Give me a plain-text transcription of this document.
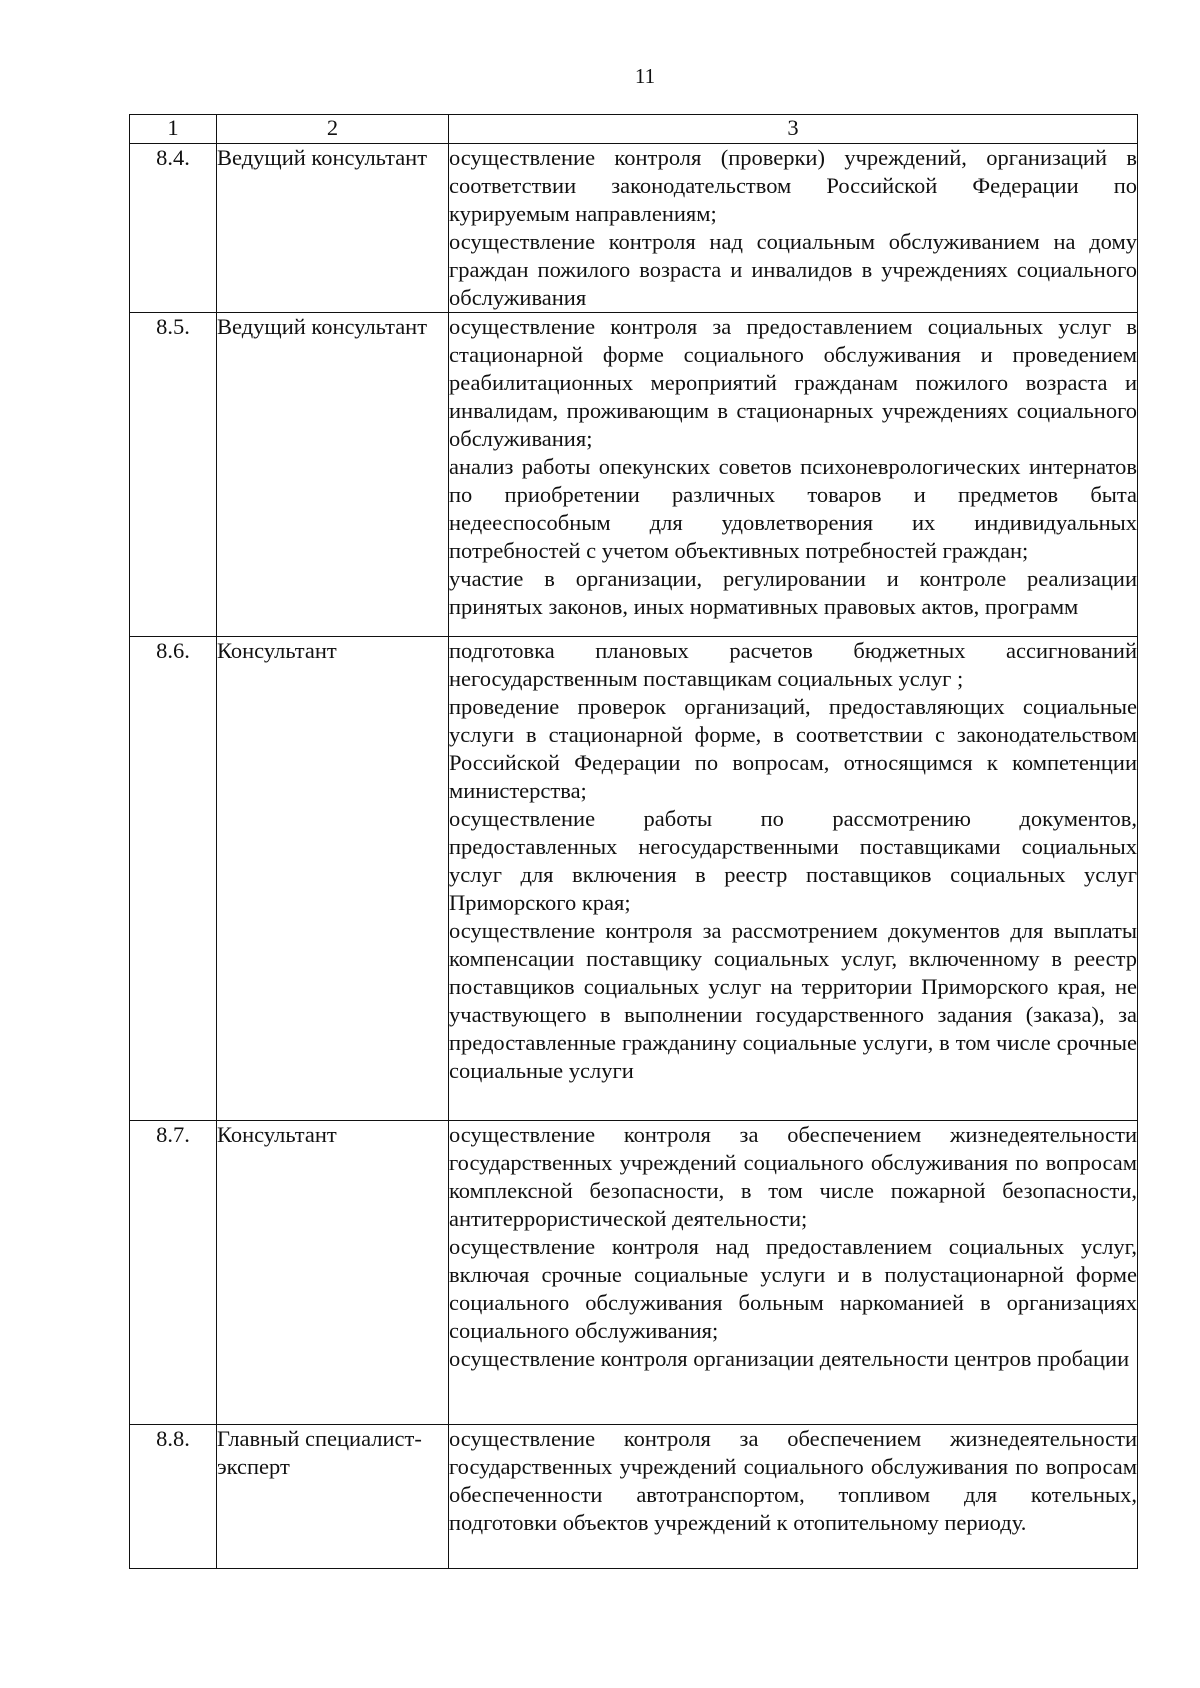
11
1	2	3
8.4.	Ведущий консультант	осуществление контроля (проверки) учреждений, организаций в соответствии законодательством Российской Федерации по курируемым направлениям;
осуществление контроля над социальным обслуживанием на дому граждан пожилого возраста и инвалидов в учреждениях социального обслуживания

8.5.	Ведущий консультант	осуществление контроля за предоставлением социальных услуг в стационарной форме социального обслуживания и проведением реабилитационных мероприятий гражданам пожилого возраста и инвалидам, проживающим в стационарных учреждениях социального обслуживания;
анализ работы опекунских советов психоневрологических интернатов по приобретении различных товаров и предметов быта недееспособным для удовлетворения их индивидуальных потребностей с учетом объективных потребностей граждан;
участие в организации, регулировании и контроле реализации принятых законов, иных нормативных правовых актов, программ

8.6.	Консультант	подготовка плановых расчетов бюджетных ассигнований негосударственным поставщикам социальных услуг ;
проведение проверок организаций, предоставляющих социальные услуги в стационарной форме, в соответствии с законодательством Российской Федерации по вопросам, относящимся к компетенции министерства;
осуществление работы по рассмотрению документов, предоставленных негосударственными поставщиками социальных услуг для включения в реестр поставщиков социальных услуг Приморского края;
осуществление контроля за рассмотрением документов для выплаты компенсации поставщику социальных услуг, включенному в реестр поставщиков социальных услуг на территории Приморского края, не участвующего в выполнении государственного задания (заказа), за предоставленные гражданину социальные услуги, в том числе срочные социальные услуги

8.7.	Консультант	осуществление контроля за обеспечением жизнедеятельности государственных учреждений социального обслуживания по вопросам комплексной безопасности, в том числе пожарной безопасности, антитеррористической деятельности;
осуществление контроля над предоставлением социальных услуг, включая срочные социальные услуги и в полустационарной форме социального обслуживания больным наркоманией в организациях социального обслуживания;
осуществление контроля организации деятельности центров пробации

8.8.	Главный специалист-эксперт	осуществление контроля за обеспечением жизнедеятельности государственных учреждений социального обслуживания по вопросам обеспеченности автотранспортом, топливом для котельных, подготовки объектов учреждений к отопительному периоду.
